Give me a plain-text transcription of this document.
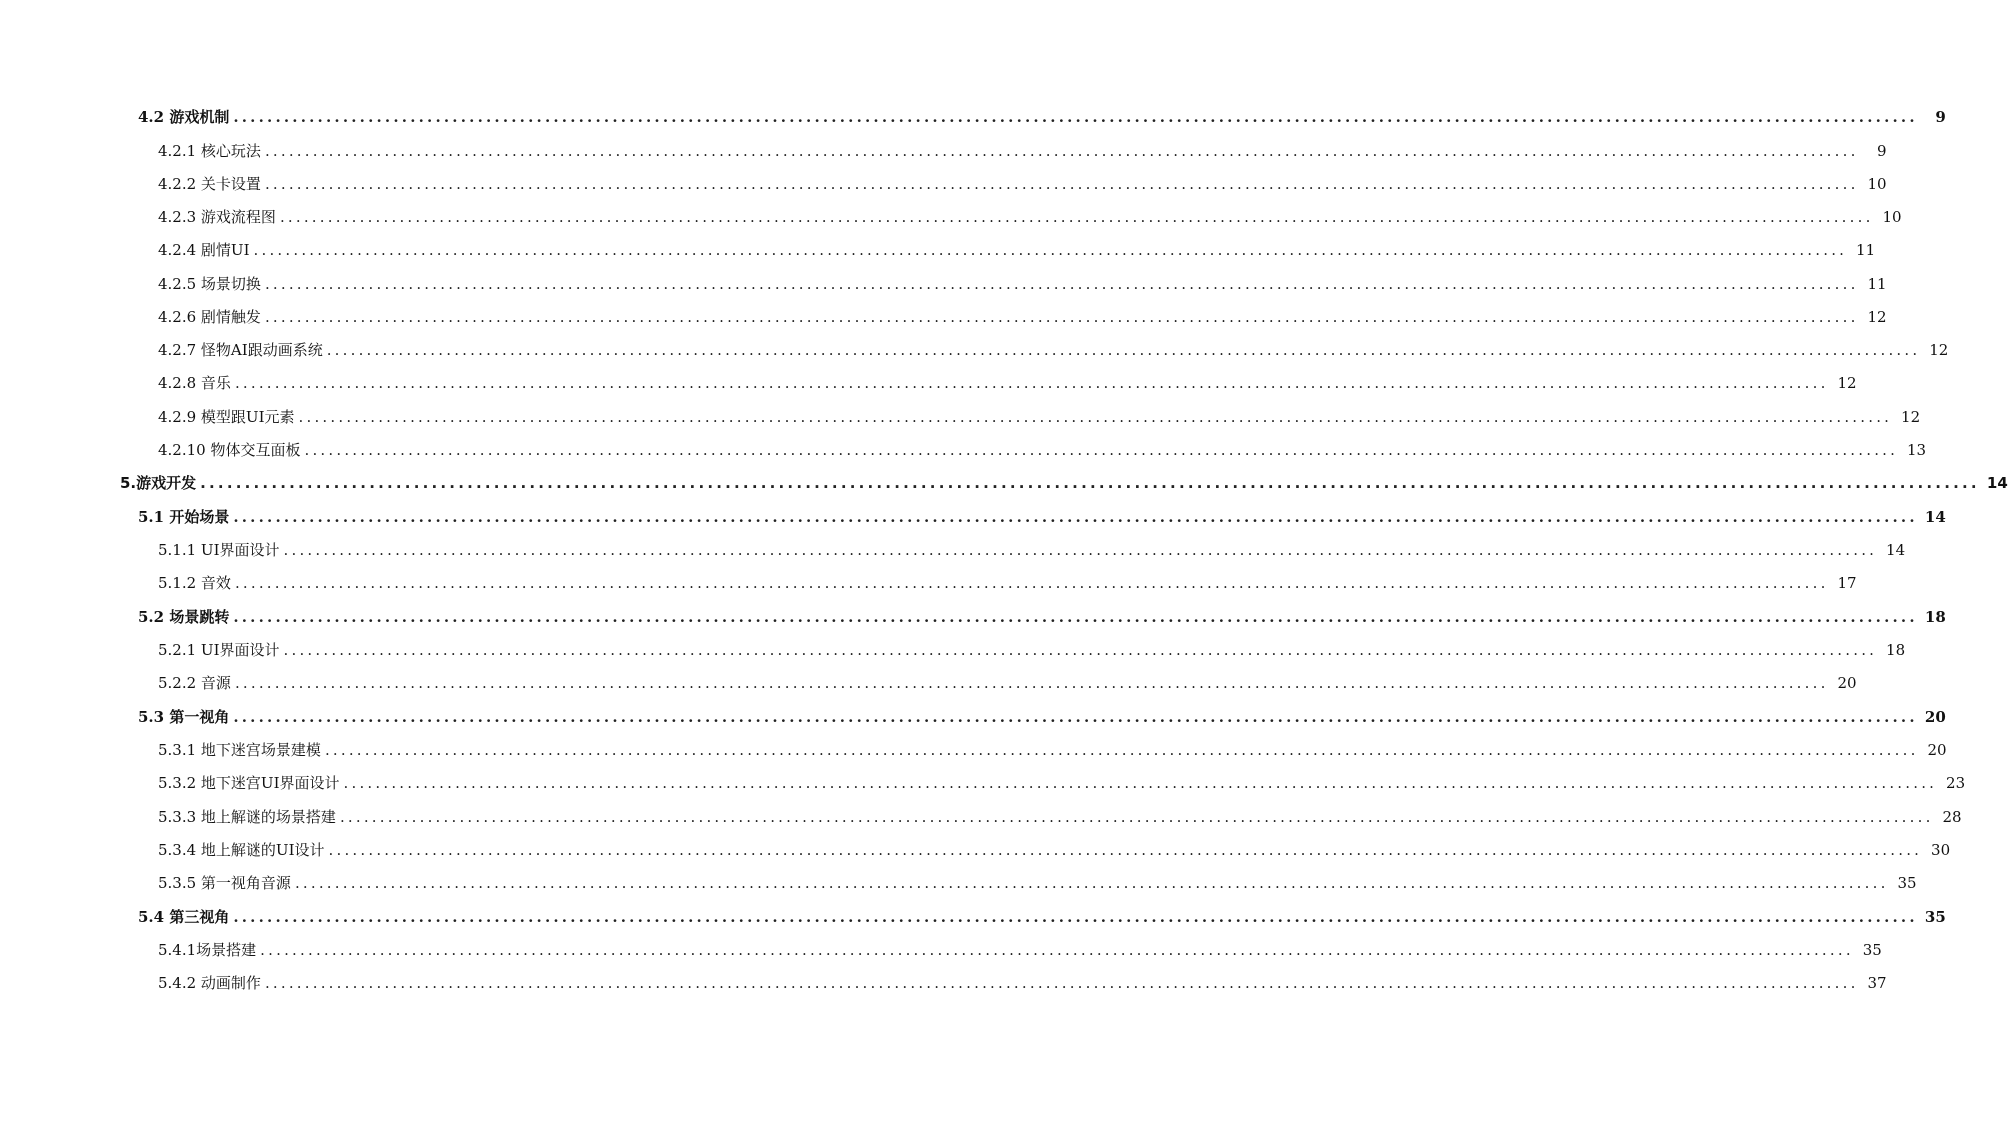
4.2 游戏机制 ........................................................................................................................................................................................................	9
4.2.1 核心玩法 ........................................................................................................................................................................................................	9
4.2.2 关卡设置 ........................................................................................................................................................................................................ 10
4.2.3 游戏流程图 ........................................................................................................................................................................................................ 10
4.2.4 剧情UI ........................................................................................................................................................................................................ 11
4.2.5 场景切换 ........................................................................................................................................................................................................ 11
4.2.6 剧情触发 ........................................................................................................................................................................................................ 12
4.2.7 怪物AI跟动画系统 ........................................................................................................................................................................................................ 12
4.2.8 音乐 ........................................................................................................................................................................................................ 12
4.2.9 模型跟UI元素 ........................................................................................................................................................................................................ 12
4.2.10 物体交互面板 ........................................................................................................................................................................................................ 13
5.游戏开发 ........................................................................................................................................................................................................ 14
5.1 开始场景 ........................................................................................................................................................................................................ 14
5.1.1 UI界面设计 ........................................................................................................................................................................................................ 14
5.1.2 音效 ........................................................................................................................................................................................................ 17
5.2 场景跳转 ........................................................................................................................................................................................................ 18
5.2.1 UI界面设计 ........................................................................................................................................................................................................ 18
5.2.2 音源 ........................................................................................................................................................................................................ 20
5.3 第一视角 ........................................................................................................................................................................................................ 20
5.3.1 地下迷宫场景建模 ........................................................................................................................................................................................................ 20
5.3.2 地下迷宫UI界面设计 ........................................................................................................................................................................................................ 23
5.3.3 地上解谜的场景搭建 ........................................................................................................................................................................................................ 28
5.3.4 地上解谜的UI设计 ........................................................................................................................................................................................................ 30
5.3.5 第一视角音源 ........................................................................................................................................................................................................ 35
5.4 第三视角 ........................................................................................................................................................................................................ 35
5.4.1场景搭建 ........................................................................................................................................................................................................ 35
5.4.2 动画制作 ........................................................................................................................................................................................................ 37
